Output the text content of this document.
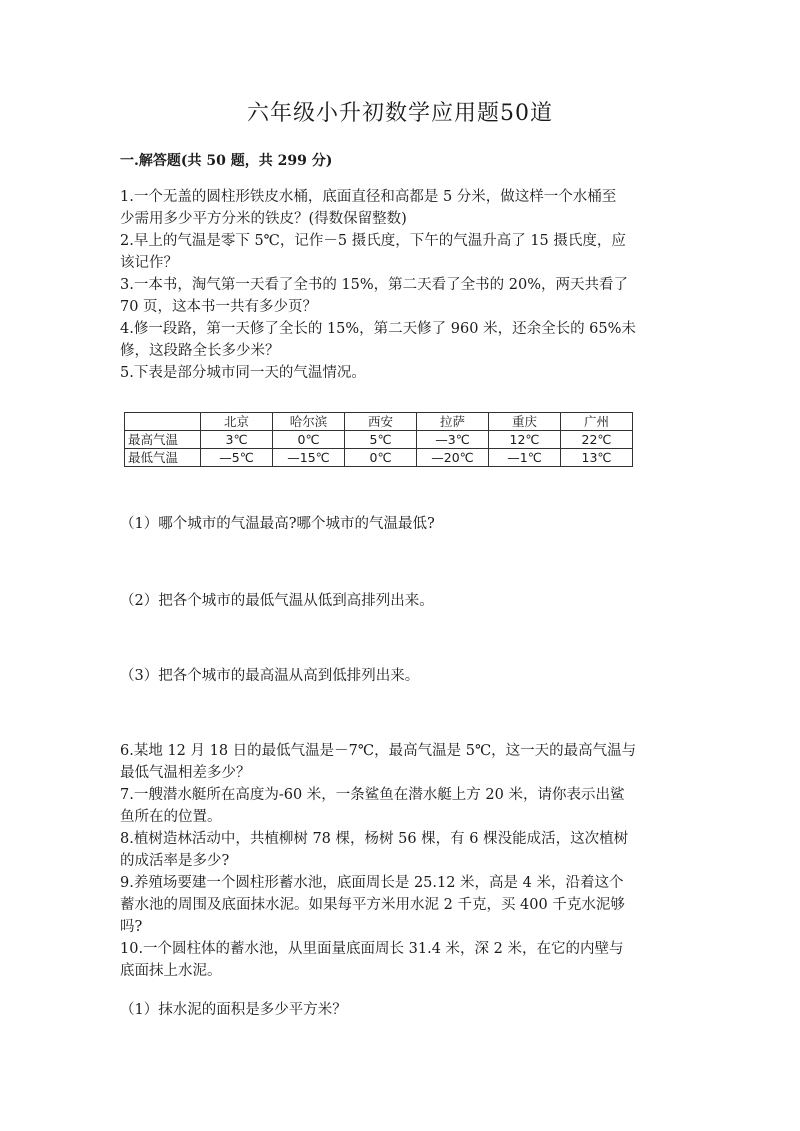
六年级小升初数学应用题50道
一.解答题(共 50 题，共 299 分)
1.一个无盖的圆柱形铁皮水桶，底面直径和高都是 5 分米，做这样一个水桶至
少需用多少平方分米的铁皮？(得数保留整数)
2.早上的气温是零下 5℃，记作－5 摄氏度，下午的气温升高了 15 摄氏度，应
该记作？
3.一本书，淘气第一天看了全书的 15%，第二天看了全书的 20%，两天共看了
70 页，这本书一共有多少页？
4.修一段路，第一天修了全长的 15%，第二天修了 960 米，还余全长的 65%未
修，这段路全长多少米？
5.下表是部分城市同一天的气温情况。
	北京	哈尔滨	西安	拉萨	重庆	广州
最高气温	3℃	0℃	5℃	—3℃	12℃	22℃
最低气温	—5℃	—15℃	0℃	—20℃	—1℃	13℃
（1）哪个城市的气温最高?哪个城市的气温最低?
（2）把各个城市的最低气温从低到高排列出来。
（3）把各个城市的最高温从高到低排列出来。
6.某地 12 月 18 日的最低气温是－7℃，最高气温是 5℃，这一天的最高气温与
最低气温相差多少？
7.一艘潜水艇所在高度为-60 米，一条鲨鱼在潜水艇上方 20 米，请你表示出鲨
鱼所在的位置。
8.植树造林活动中，共植柳树 78 棵，杨树 56 棵，有 6 棵没能成活，这次植树
的成活率是多少?
9.养殖场要建一个圆柱形蓄水池，底面周长是 25.12 米，高是 4 米，沿着这个
蓄水池的周围及底面抹水泥。如果每平方米用水泥 2 千克，买 400 千克水泥够
吗?
10.一个圆柱体的蓄水池，从里面量底面周长 31.4 米，深 2 米，在它的内壁与
底面抹上水泥。
（1）抹水泥的面积是多少平方米？
